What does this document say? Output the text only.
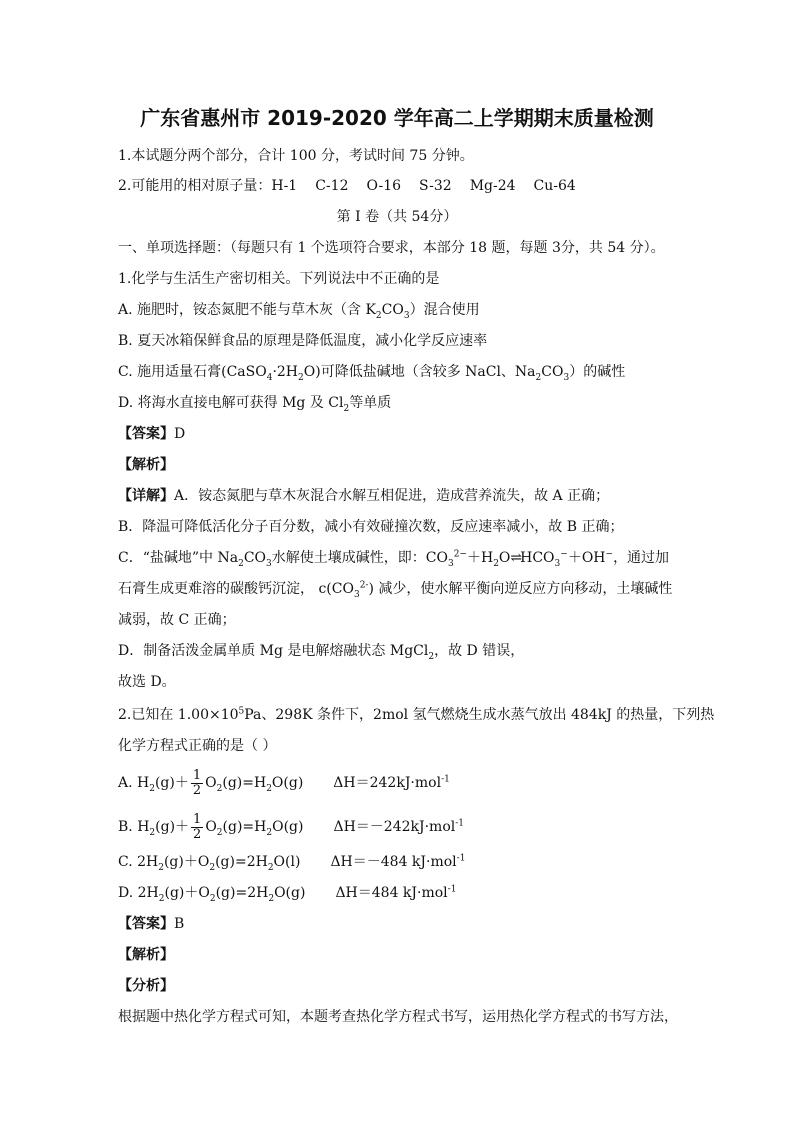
广东省惠州市 2019-2020 学年高二上学期期末质量检测
1.本试题分两个部分，合计 100 分，考试时间 75 分钟。
2.可能用的相对原子量：H-1 C-12 O-16 S-32 Mg-24 Cu-64
第 I 卷（共 54分）
一、单项选择题：（每题只有 1 个选项符合要求，本部分 18 题，每题 3分，共 54 分）。
1.化学与生活生产密切相关。下列说法中不正确的是
A. 施肥时，铵态氮肥不能与草木灰（含 $K_2CO_3$）混合使用
B. 夏天冰箱保鲜食品的原理是降低温度，减小化学反应速率
C. 施用适量石膏$(CaSO_4\cdot 2H_2O)$可降低盐碱地（含较多 NaCl、$Na_2CO_3$）的碱性
D. 将海水直接电解可获得 Mg 及 $Cl_2$等单质
【答案】D
【解析】
【详解】A．铵态氮肥与草木灰混合水解互相促进，造成营养流失，故 A 正确；
B．降温可降低活化分子百分数，减小有效碰撞次数，反应速率减小，故 B 正确；
C．“盐碱地”中 $Na_2CO_3$水解使土壤成碱性，即：$CO_3^{2-}+H_2O\rightleftharpoons HCO_3^-+OH^-$，通过加
石膏生成更难溶的碳酸钙沉淀， $c(CO_3^{2-})$ 减少，使水解平衡向逆反应方向移动，土壤碱性
减弱，故 C 正确；
D．制备活泼金属单质 Mg 是电解熔融状态 MgCl$_2$，故 D 错误，
故选 D。
2.已知在 $1.00\times 10^5Pa$、298K 条件下，2mol 氢气燃烧生成水蒸气放出 484kJ 的热量，下列热
化学方程式正确的是（ ）
A. $H_2(g)+ \frac{1}{2} O_2(g)=H_2O(g)$ ΔH＝242kJ·mol$^{-1}$
B. $H_2(g)+ \frac{1}{2} O_2(g)=H_2O(g)$ ΔH＝－242kJ·mol$^{-1}$
C. $2H_2(g)+O_2(g)=2H_2O(l)$ ΔH＝－484 kJ·mol$^{-1}$
D. $2H_2(g)+O_2(g)=2H_2O(g)$ ΔH＝484 kJ·mol$^{-1}$
【答案】B
【解析】
【分析】
根据题中热化学方程式可知，本题考查热化学方程式书写，运用热化学方程式的书写方法，
